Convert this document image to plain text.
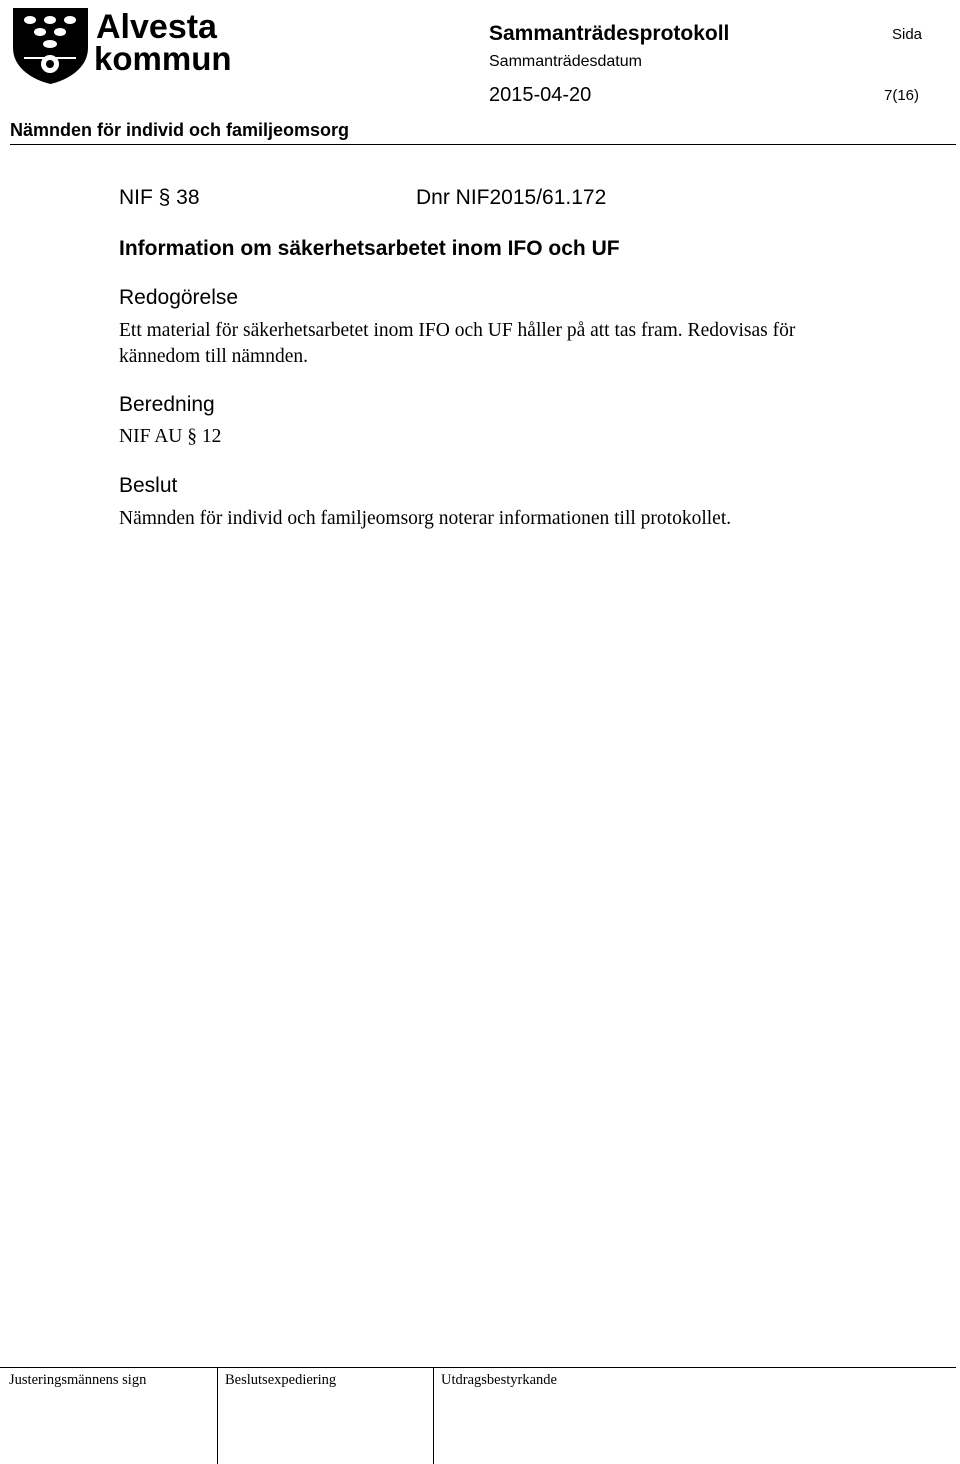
Alvesta
kommun
Sammanträdesprotokoll	Sida
Sammanträdesdatum
2015-04-20	7(16)
Nämnden för individ och familjeomsorg
NIF § 38	Dnr NIF2015/61.172
Information om säkerhetsarbetet inom IFO och UF
Redogörelse
Ett material för säkerhetsarbetet inom IFO och UF håller på att tas fram. Redovisas för kännedom till nämnden.
Beredning
NIF AU § 12
Beslut
Nämnden för individ och familjeomsorg noterar informationen till protokollet.
Justeringsmännens sign	Beslutsexpediering	Utdragsbestyrkande
